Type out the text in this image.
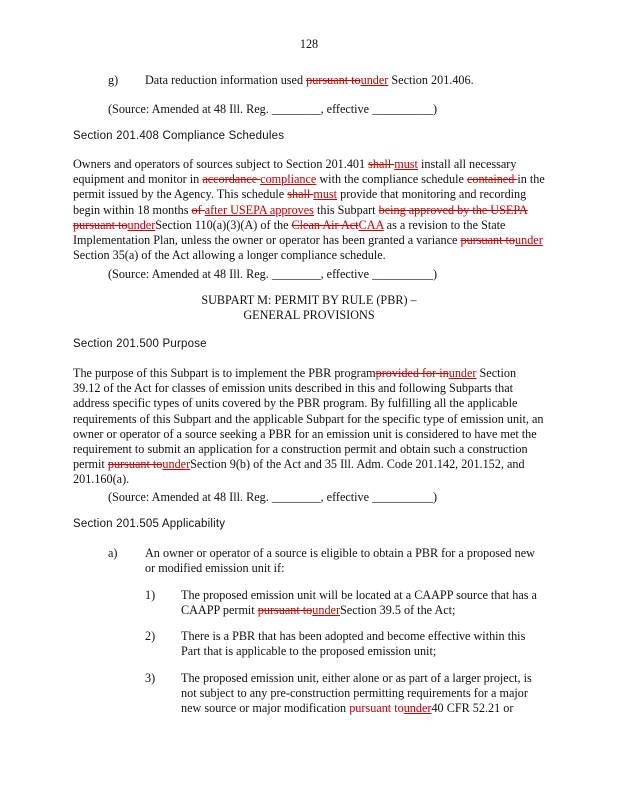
128
g) Data reduction information used pursuant tounder Section 201.406.
(Source: Amended at 48 Ill. Reg. ________, effective __________)
Section 201.408 Compliance Schedules
Owners and operators of sources subject to Section 201.401 shall must install all necessary
equipment and monitor in accordance compliance with the compliance schedule contained in the
permit issued by the Agency. This schedule shall must provide that monitoring and recording
begin within 18 months of after USEPA approves this Subpart being approved by the USEPA
pursuant tounderSection 110(a)(3)(A) of the Clean Air ActCAA as a revision to the State
Implementation Plan, unless the owner or operator has been granted a variance pursuant tounder
Section 35(a) of the Act allowing a longer compliance schedule.
(Source: Amended at 48 Ill. Reg. ________, effective __________)
SUBPART M: PERMIT BY RULE (PBR) –
GENERAL PROVISIONS
Section 201.500 Purpose
The purpose of this Subpart is to implement the PBR programprovided for inunder Section
39.12 of the Act for classes of emission units described in this and following Subparts that
address specific types of units covered by the PBR program. By fulfilling all the applicable
requirements of this Subpart and the applicable Subpart for the specific type of emission unit, an
owner or operator of a source seeking a PBR for an emission unit is considered to have met the
requirement to submit an application for a construction permit and obtain such a construction
permit pursuant tounderSection 9(b) of the Act and 35 Ill. Adm. Code 201.142, 201.152, and
201.160(a).
(Source: Amended at 48 Ill. Reg. ________, effective __________)
Section 201.505 Applicability
a) An owner or operator of a source is eligible to obtain a PBR for a proposed new
or modified emission unit if:
1) The proposed emission unit will be located at a CAAPP source that has a
CAAPP permit pursuant tounderSection 39.5 of the Act;
2) There is a PBR that has been adopted and become effective within this
Part that is applicable to the proposed emission unit;
3) The proposed emission unit, either alone or as part of a larger project, is
not subject to any pre-construction permitting requirements for a major
new source or major modification pursuant tounder40 CFR 52.21 or
